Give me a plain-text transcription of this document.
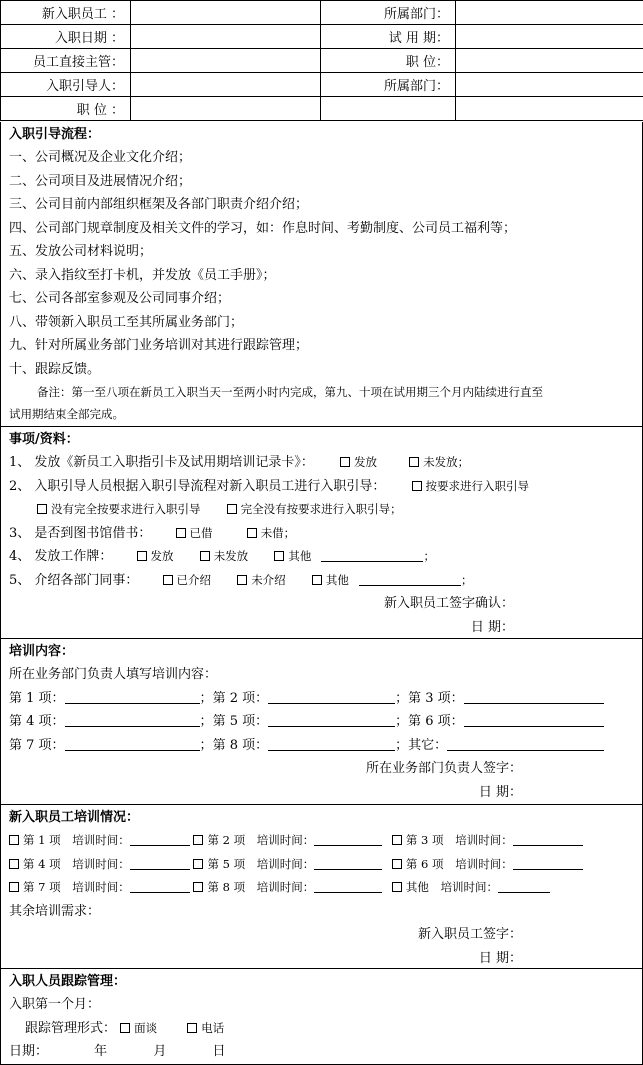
新入职员工 ：		所属部门：	
入职日期 ：		试 用 期：	
员工直接主管：		职 位：	
入职引导人：		所属部门：	
职 位 ：			
入职引导流程：
一、公司概况及企业文化介绍；
二、公司项目及进展情况介绍；
三、公司目前内部组织框架及各部门职责介绍介绍；
四、公司部门规章制度及相关文件的学习，如：作息时间、考勤制度、公司员工福利等；
五、发放公司材料说明；
六、录入指纹至打卡机，并发放《员工手册》；
七、公司各部室参观及公司同事介绍；
八、带领新入职员工至其所属业务部门；
九、针对所属业务部门业务培训对其进行跟踪管理；
十、跟踪反馈。
备注：第一至八项在新员工入职当天一至两小时内完成，第九、十项在试用期三个月内陆续进行直至
试用期结束全部完成。
事项/资料：
1、 发放《新员工入职指引卡及试用期培训记录卡》：	发放	未发放；
2、 入职引导人员根据入职引导流程对新入职员工进行入职引导：	按要求进行入职引导
没有完全按要求进行入职引导	完全没有按要求进行入职引导；
3、 是否到图书馆借书：	已借	未借；
4、 发放工作牌：	发放	未发放	其他	；
5、 介绍各部门同事：	已介绍	未介绍	其他	；
新入职员工签字确认：
日 期：
培训内容：
所在业务部门负责人填写培训内容：
第 1 项：	；第 2 项：	；第 3 项：
第 4 项：	；第 5 项：	；第 6 项：
第 7 项：	；第 8 项：	；其它：
所在业务部门负责人签字：
日 期：
新入职员工培训情况：
第 1 项 培训时间：	第 2 项 培训时间：	第 3 项 培训时间：
第 4 项 培训时间：	第 5 项 培训时间：	第 6 项 培训时间：
第 7 项 培训时间：	第 8 项 培训时间：	其他 培训时间：
其余培训需求：
新入职员工签字：
日 期：
入职人员跟踪管理：
入职第一个月：
跟踪管理形式： 面谈	电话
日期：	年	月	日
